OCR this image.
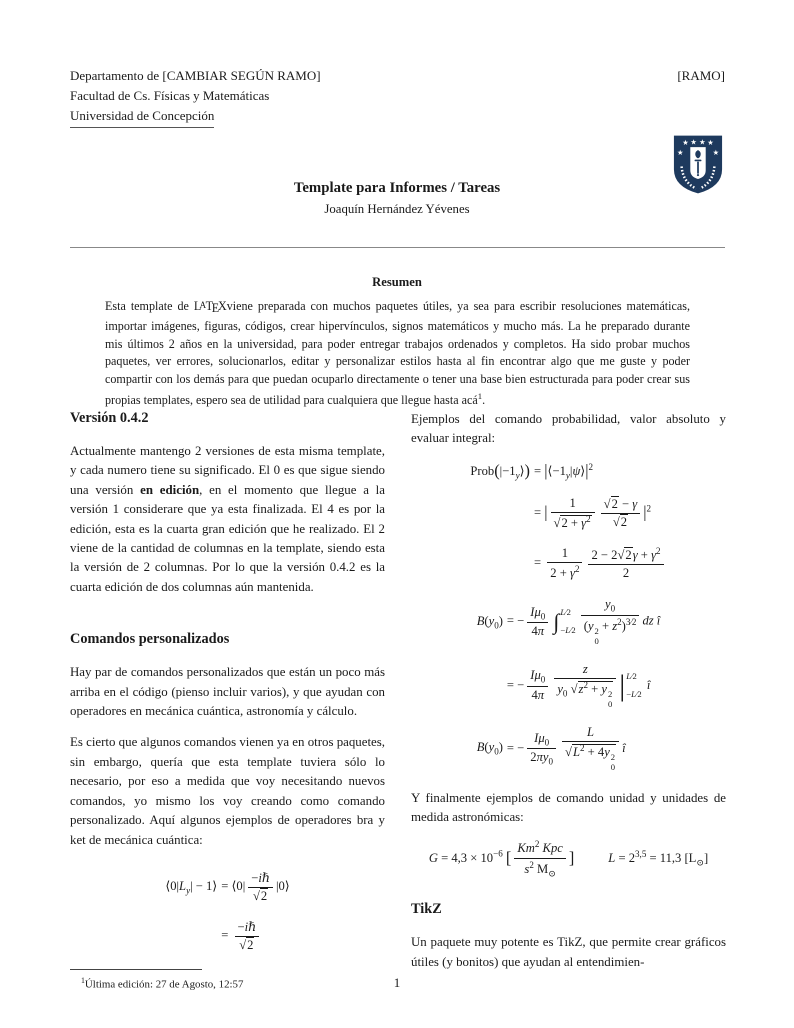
Departamento de [CAMBIAR SEGÚN RAMO]
Facultad de Cs. Físicas y Matemáticas
Universidad de Concepción
[RAMO]
★ ★ ★ ★
★	★
Template para Informes / Tareas
Joaquín Hernández Yévenes
Resumen
Esta template de LATEXviene preparada con muchos paquetes útiles, ya sea para escribir resoluciones matemáticas, importar imágenes, figuras, códigos, crear hipervínculos, signos matemáticos y mucho más. La he preparado durante mis últimos 2 años en la universidad, para poder entregar trabajos ordenados y completos. Ha sido probar muchos paquetes, ver errores, solucionarlos, editar y personalizar estilos hasta al fin encontrar algo que me guste y poder compartir con los demás para que puedan ocuparlo directamente o tener una base bien estructurada para poder crear sus propias templates, espero sea de utilidad para cualquiera que llegue hasta acá$^1$.
Versión 0.4.2

Actualmente mantengo 2 versiones de esta misma template, y cada numero tiene su significado. El 0 es que sigue siendo una versión en edición, en el momento que llegue a la versión 1 considerare que ya esta finalizada. El 4 es por la edición, esta es la cuarta gran edición que he realizado. El 2 viene de la cantidad de columnas en la template, siendo esta la versión de 2 columnas. Por lo que la versión 0.4.2 es la cuarta edición de dos columnas aún mantenida.

Comandos personalizados

Hay par de comandos personalizados que están un poco más arriba en el código (pienso incluir varios), y que ayudan con operadores en mecánica cuántica, astronomía y cálculo.

Es cierto que algunos comandos vienen ya en otros paquetes, sin embargo, quería que esta template tuviera sólo lo necesario, por eso a medida que voy necesitando nuevos comandos, yo mismo los voy creando como comando personalizado. Aquí algunos ejemplos de operadores bra y ket de mecánica cuántica:

$⟨0|L_y|$ − 1⟩ = ⟨0| $\frac{\text{−iℏ}}{√2}$ |0⟩
= $\frac{\text{−iℏ}}{√2}$

$^1$Última edición: 27 de Agosto, 12:57

Ejemplos del comando probabilidad, valor absoluto y evaluar integral:

$Prob(|-1_y⟩)$ = $|⟨-1_y|\psi⟩|^2$
= | $\frac{1}{√2 + \gamma^2} \frac{√2 - \gamma}{√2} |^2$
= $\frac{1}{2 + \gamma^2} \frac{2 - 2√2\gamma + \gamma^2}{2}$
$B(y_0)$ = − $\frac{I\mu_0}{4\pi}$ ∫ L∕2
−L∕2 $y_0$
(y 2
0
+ $z^2)^{3∕2}$ dz î
= − $\frac{I\mu_0}{4\pi}$ z
$y_0$ $√z^2 + y$ 2
0 | L∕2
−L∕2
î
$B(y_0)$ = − $\frac{I\mu_0}{2\pi y_0}$ L
$√L^2 + 4y$ 2
0 î

Y finalmente ejemplos de comando unidad y unidades de medida astronómicas:

$G = 4,3 \times 10^{-6}$ [ $\frac{Km^2 Kpc}{s^2 M_⊙}$ ]	$L = 2^{3,5} = 11,3$ $[L_⊙]$
TikZ

Un paquete muy potente es TikZ, que permite crear gráficos útiles (y bonitos) que ayudan al entendimien-

1
